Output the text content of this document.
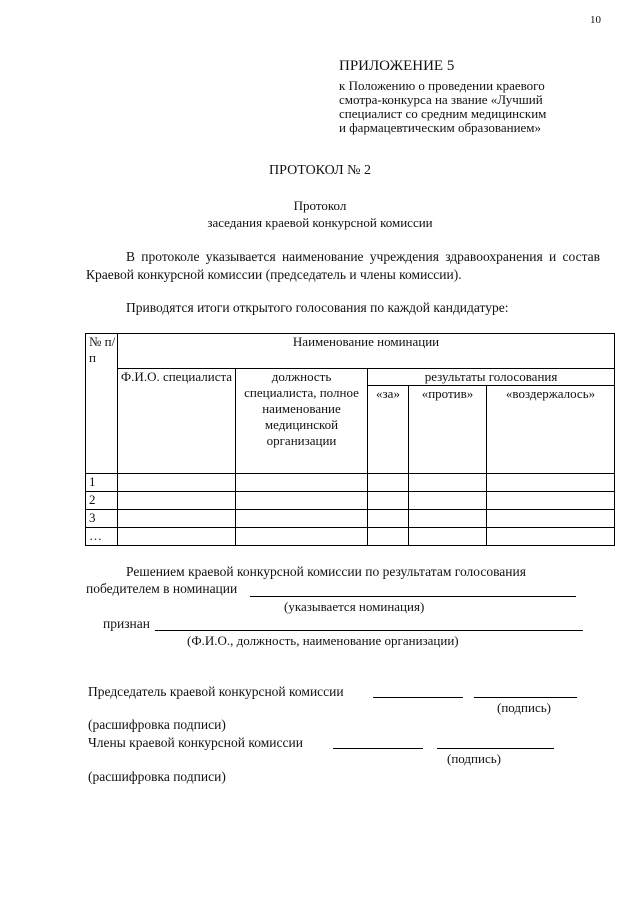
10
ПРИЛОЖЕНИЕ 5
к Положению о проведении краевого
смотра-конкурса на звание «Лучший
специалист со средним медицинским
и фармацевтическим образованием»
ПРОТОКОЛ № 2
Протокол
заседания краевой конкурсной комиссии
В протоколе указывается наименование учреждения здравоохранения и состав Краевой конкурсной комиссии (председатель и члены комиссии).
Приводятся итоги открытого голосования по каждой кандидатуре:
№ п/п	Наименование номинации				
	Ф.И.О. специалиста	должность специалиста, полное наименование медицинской организации	результаты голосования		
			«за»	«против»	«воздержалось»
1					
2					
3					
…					
Решением краевой конкурсной комиссии по результатам голосования
победителем в номинации
(указывается номинация)
признан
(Ф.И.О., должность, наименование организации)
Председатель краевой конкурсной комиссии
(подпись)
(расшифровка подписи)
Члены краевой конкурсной комиссии
(подпись)
(расшифровка подписи)
